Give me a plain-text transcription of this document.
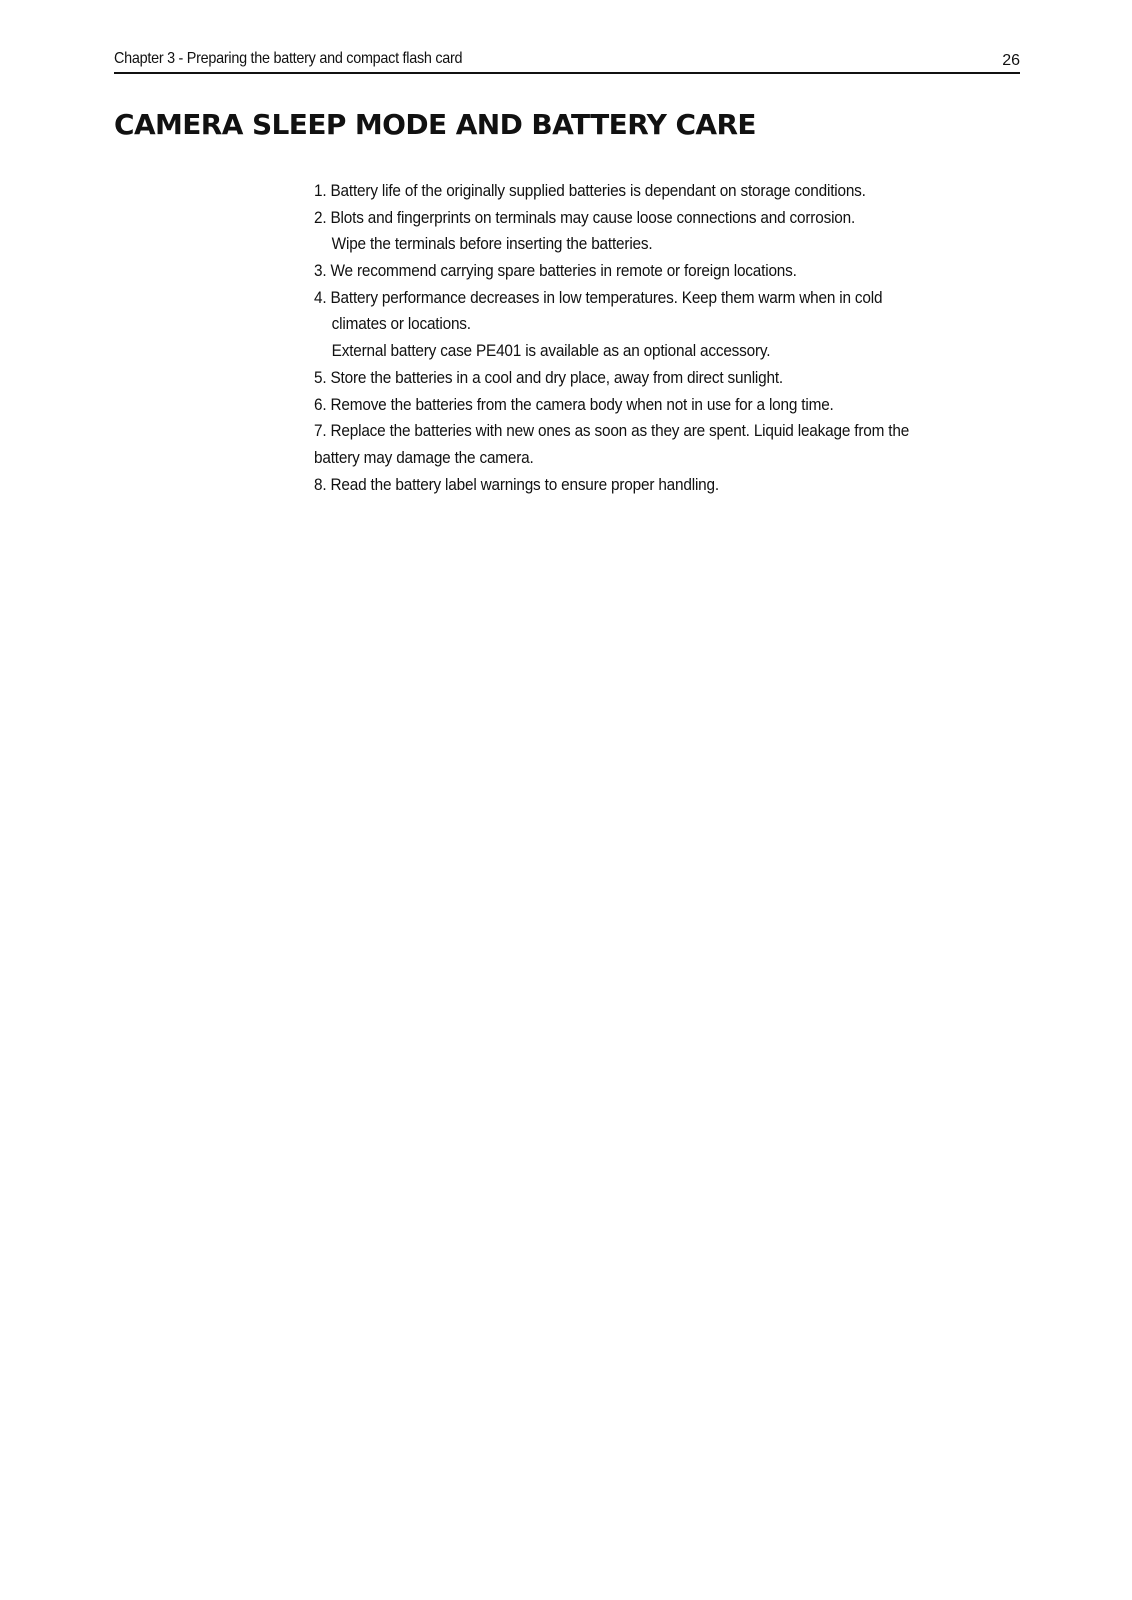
Chapter 3 - Preparing the battery and compact flash card	26
CAMERA SLEEP MODE AND BATTERY CARE
1. Battery life of the originally supplied batteries is dependant on storage conditions.
2. Blots and fingerprints on terminals may cause loose connections and corrosion.
Wipe the terminals before inserting the batteries.
3. We recommend carrying spare batteries in remote or foreign locations.
4. Battery performance decreases in low temperatures. Keep them warm when in cold
climates or locations.
External battery case PE401 is available as an optional accessory.
5. Store the batteries in a cool and dry place, away from direct sunlight.
6. Remove the batteries from the camera body when not in use for a long time.
7. Replace the batteries with new ones as soon as they are spent. Liquid leakage from the
battery may damage the camera.
8. Read the battery label warnings to ensure proper handling.
